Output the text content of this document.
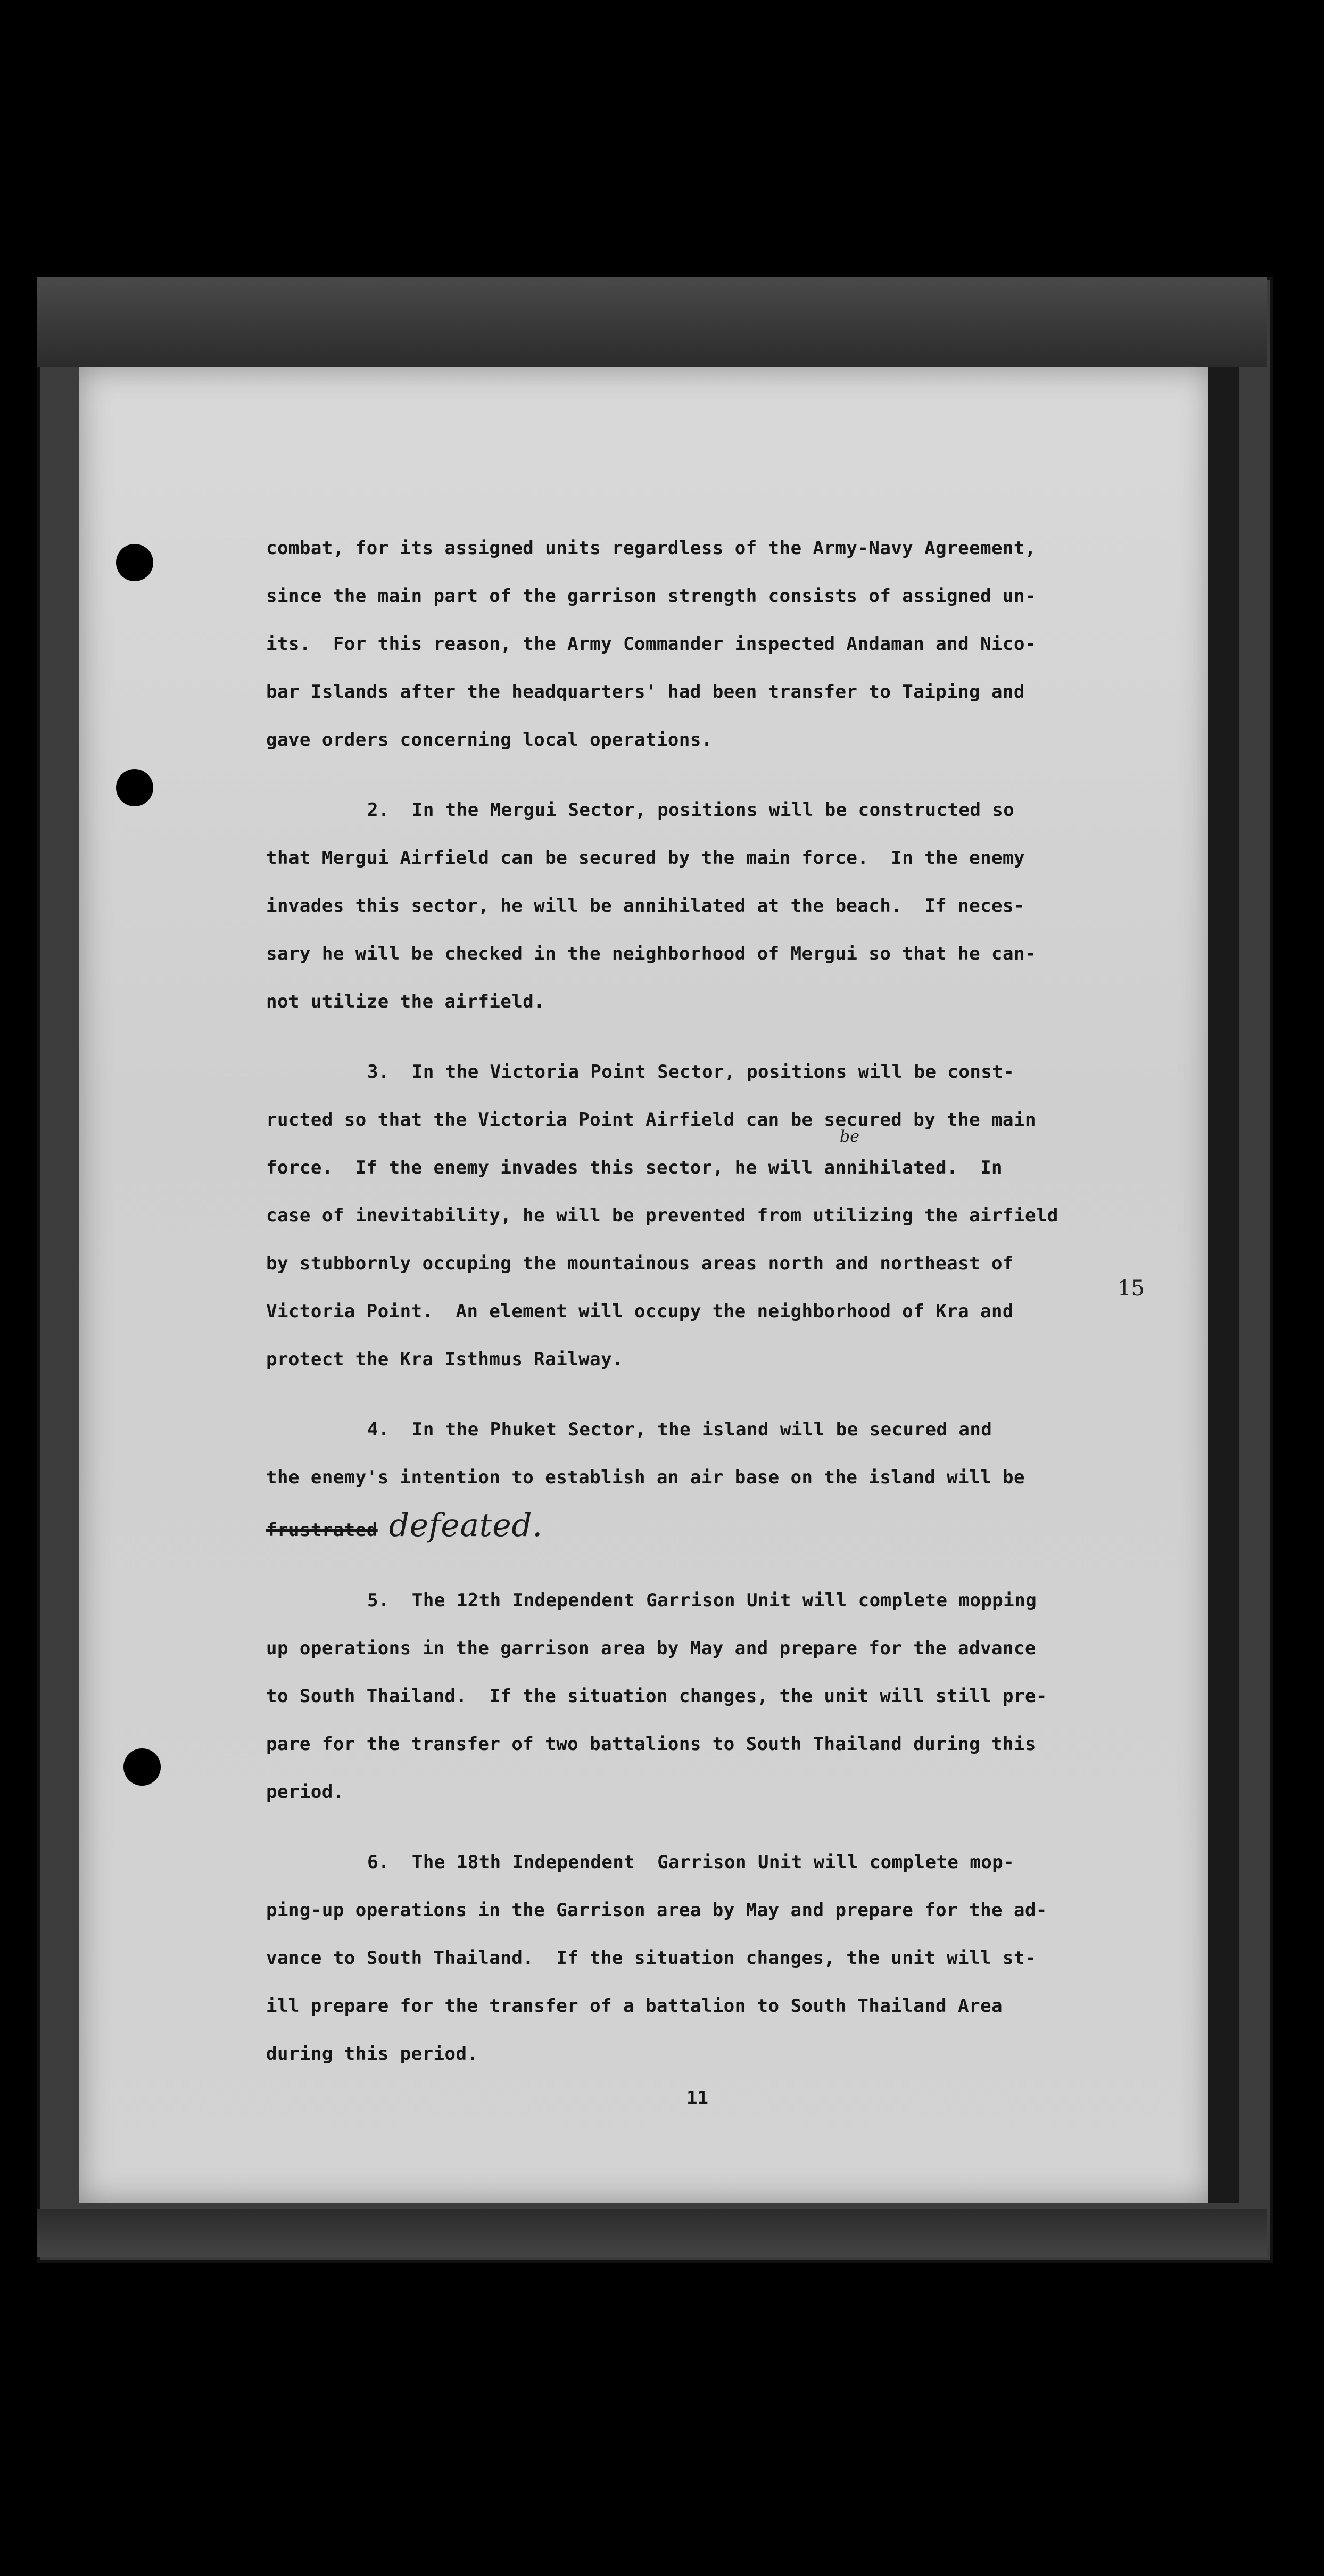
combat, for its assigned units regardless of the Army-Navy Agreement,
since the main part of the garrison strength consists of assigned un-
its.  For this reason, the Army Commander inspected Andaman and Nico-
bar Islands after the headquarters' had been transfer to Taiping and
gave orders concerning local operations.

2.  In the Mergui Sector, positions will be constructed so
that Mergui Airfield can be secured by the main force.  In the enemy
invades this sector, he will be annihilated at the beach.  If neces-
sary he will be checked in the neighborhood of Mergui so that he can-
not utilize the airfield.

3.  In the Victoria Point Sector, positions will be const-
ructed so that the Victoria Point Airfield can be secured by the main
force.  If the enemy invades this sector, he will annihilated.  In
case of inevitability, he will be prevented from utilizing the airfield
by stubbornly occuping the mountainous areas north and northeast of
Victoria Point.  An element will occupy the neighborhood of Kra and
protect the Kra Isthmus Railway.

4.  In the Phuket Sector, the island will be secured and
the enemy's intention to establish an air base on the island will be
frustrated defeated.

5.  The 12th Independent Garrison Unit will complete mopping
up operations in the garrison area by May and prepare for the advance
to South Thailand.  If the situation changes, the unit will still pre-
pare for the transfer of two battalions to South Thailand during this
period.

6.  The 18th Independent  Garrison Unit will complete mop-
ping-up operations in the Garrison area by May and prepare for the ad-
vance to South Thailand.  If the situation changes, the unit will st-
ill prepare for the transfer of a battalion to South Thailand Area
during this period.

be
15
11
